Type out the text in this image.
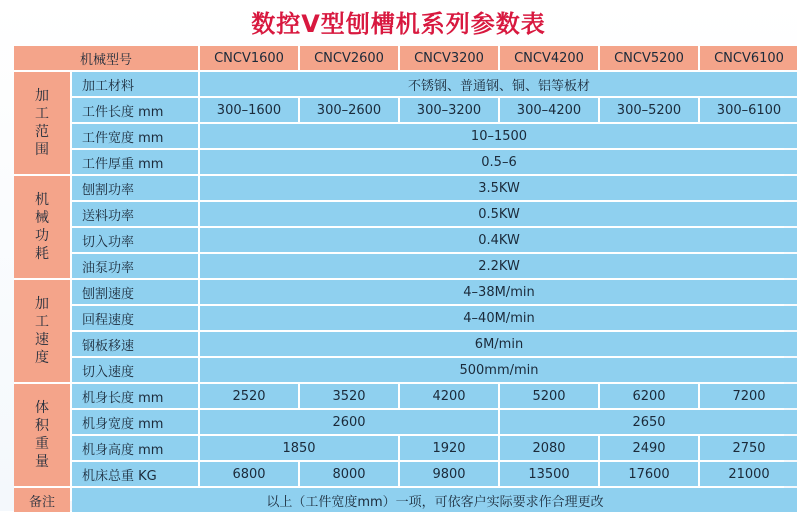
数控V型刨槽机系列参数表
机械型号	CNCV1600	CNCV2600	CNCV3200	CNCV4200	CNCV5200	CNCV6100
加
工
范
围
加工材料	不锈钢、普通钢、铜、铝等板材
工件长度 mm	300–1600	300–2600	300–3200	300–4200	300–5200	300–6100
工件宽度 mm	10–1500
工件厚重 mm	0.5–6
机
械
功
耗
刨割功率	3.5KW
送料功率	0.5KW
切入功率	0.4KW
油泵功率	2.2KW
加
工
速
度
刨割速度	4–38M/min
回程速度	4–40M/min
钢板移速	6M/min
切入速度	500mm/min
体
积
重
量
机身长度 mm	2520	3520	4200	5200	6200	7200
机身宽度 mm	2600	2650
机身高度 mm	1850	1920	2080	2490	2750
机床总重 KG	6800	8000	9800	13500	17600	21000
备注	以上（工件宽度mm）一项，可依客户实际要求作合理更改
